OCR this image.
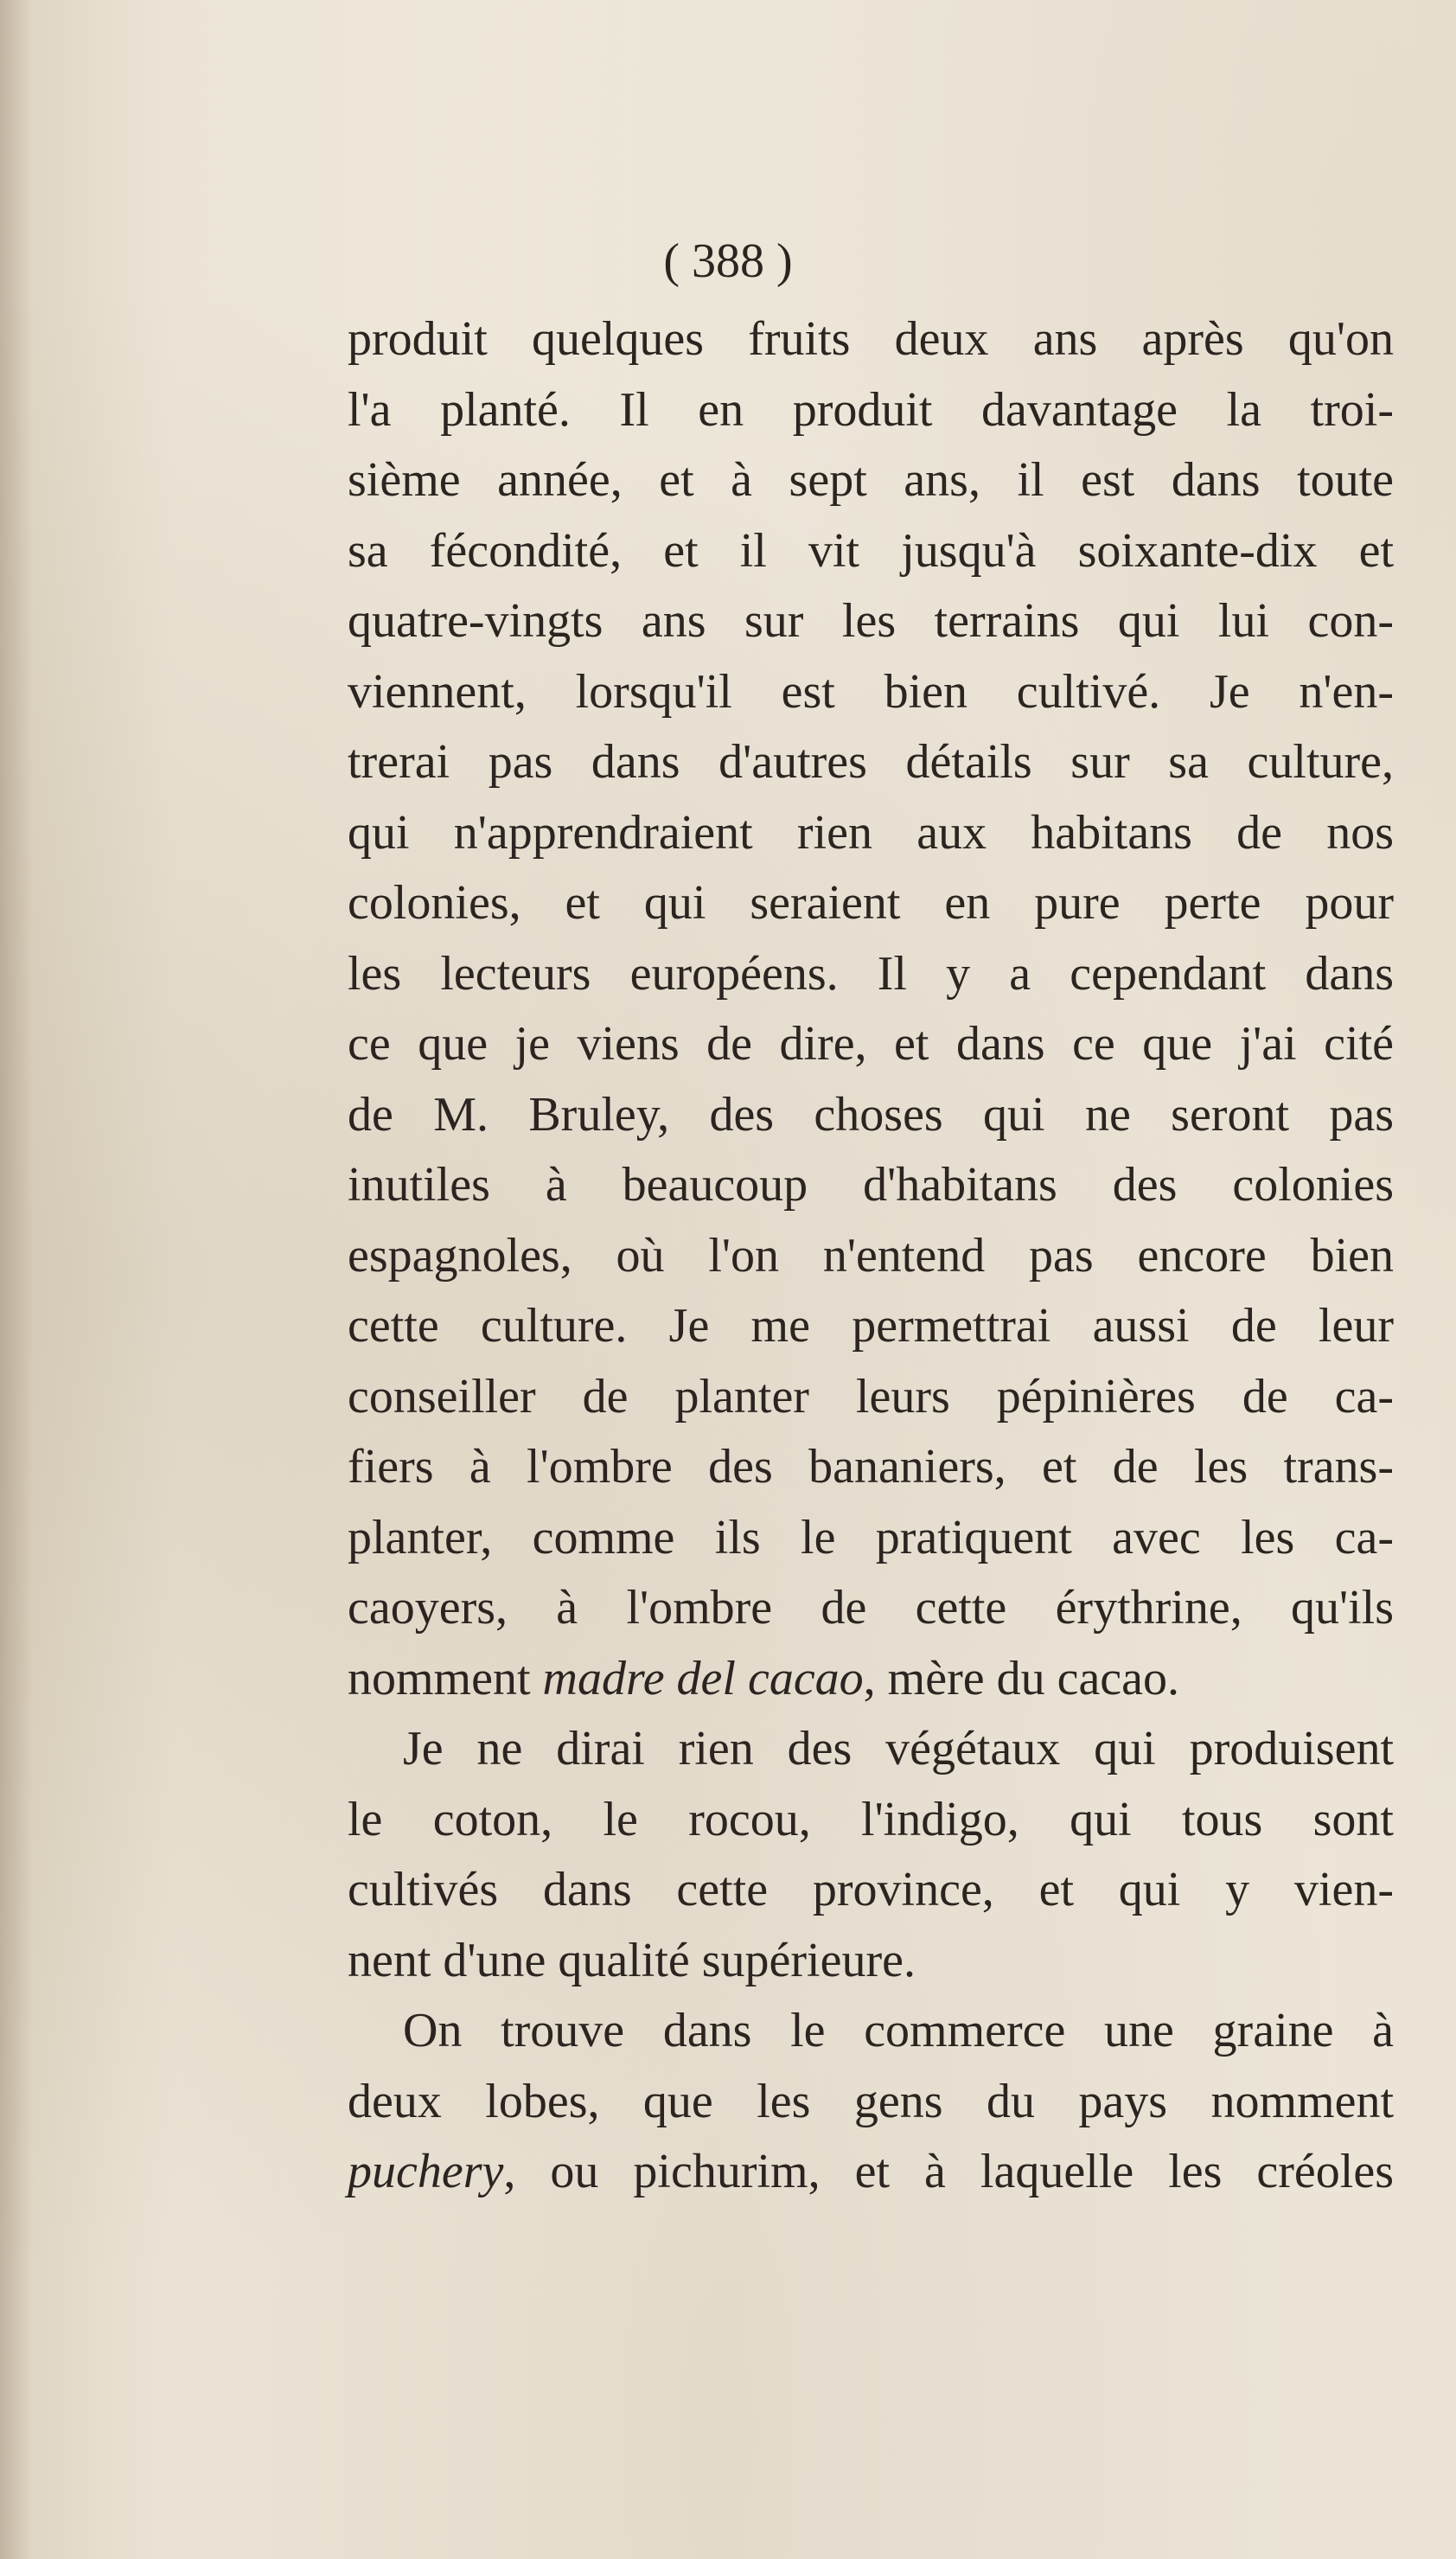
( 388 )
produit quelques fruits deux ans après qu'on
l'a planté. Il en produit davantage la troi-
sième année, et à sept ans, il est dans toute
sa fécondité, et il vit jusqu'à soixante-dix et
quatre-vingts ans sur les terrains qui lui con-
viennent, lorsqu'il est bien cultivé. Je n'en-
trerai pas dans d'autres détails sur sa culture,
qui n'apprendraient rien aux habitans de nos
colonies, et qui seraient en pure perte pour
les lecteurs européens. Il y a cependant dans
ce que je viens de dire, et dans ce que j'ai cité
de M. Bruley, des choses qui ne seront pas
inutiles à beaucoup d'habitans des colonies
espagnoles, où l'on n'entend pas encore bien
cette culture. Je me permettrai aussi de leur
conseiller de planter leurs pépinières de ca-
fiers à l'ombre des bananiers, et de les trans-
planter, comme ils le pratiquent avec les ca-
caoyers, à l'ombre de cette érythrine, qu'ils
nomment madre del cacao, mère du cacao.
Je ne dirai rien des végétaux qui produisent
le coton, le rocou, l'indigo, qui tous sont
cultivés dans cette province, et qui y vien-
nent d'une qualité supérieure.
On trouve dans le commerce une graine à
deux lobes, que les gens du pays nomment
puchery, ou pichurim, et à laquelle les créoles
